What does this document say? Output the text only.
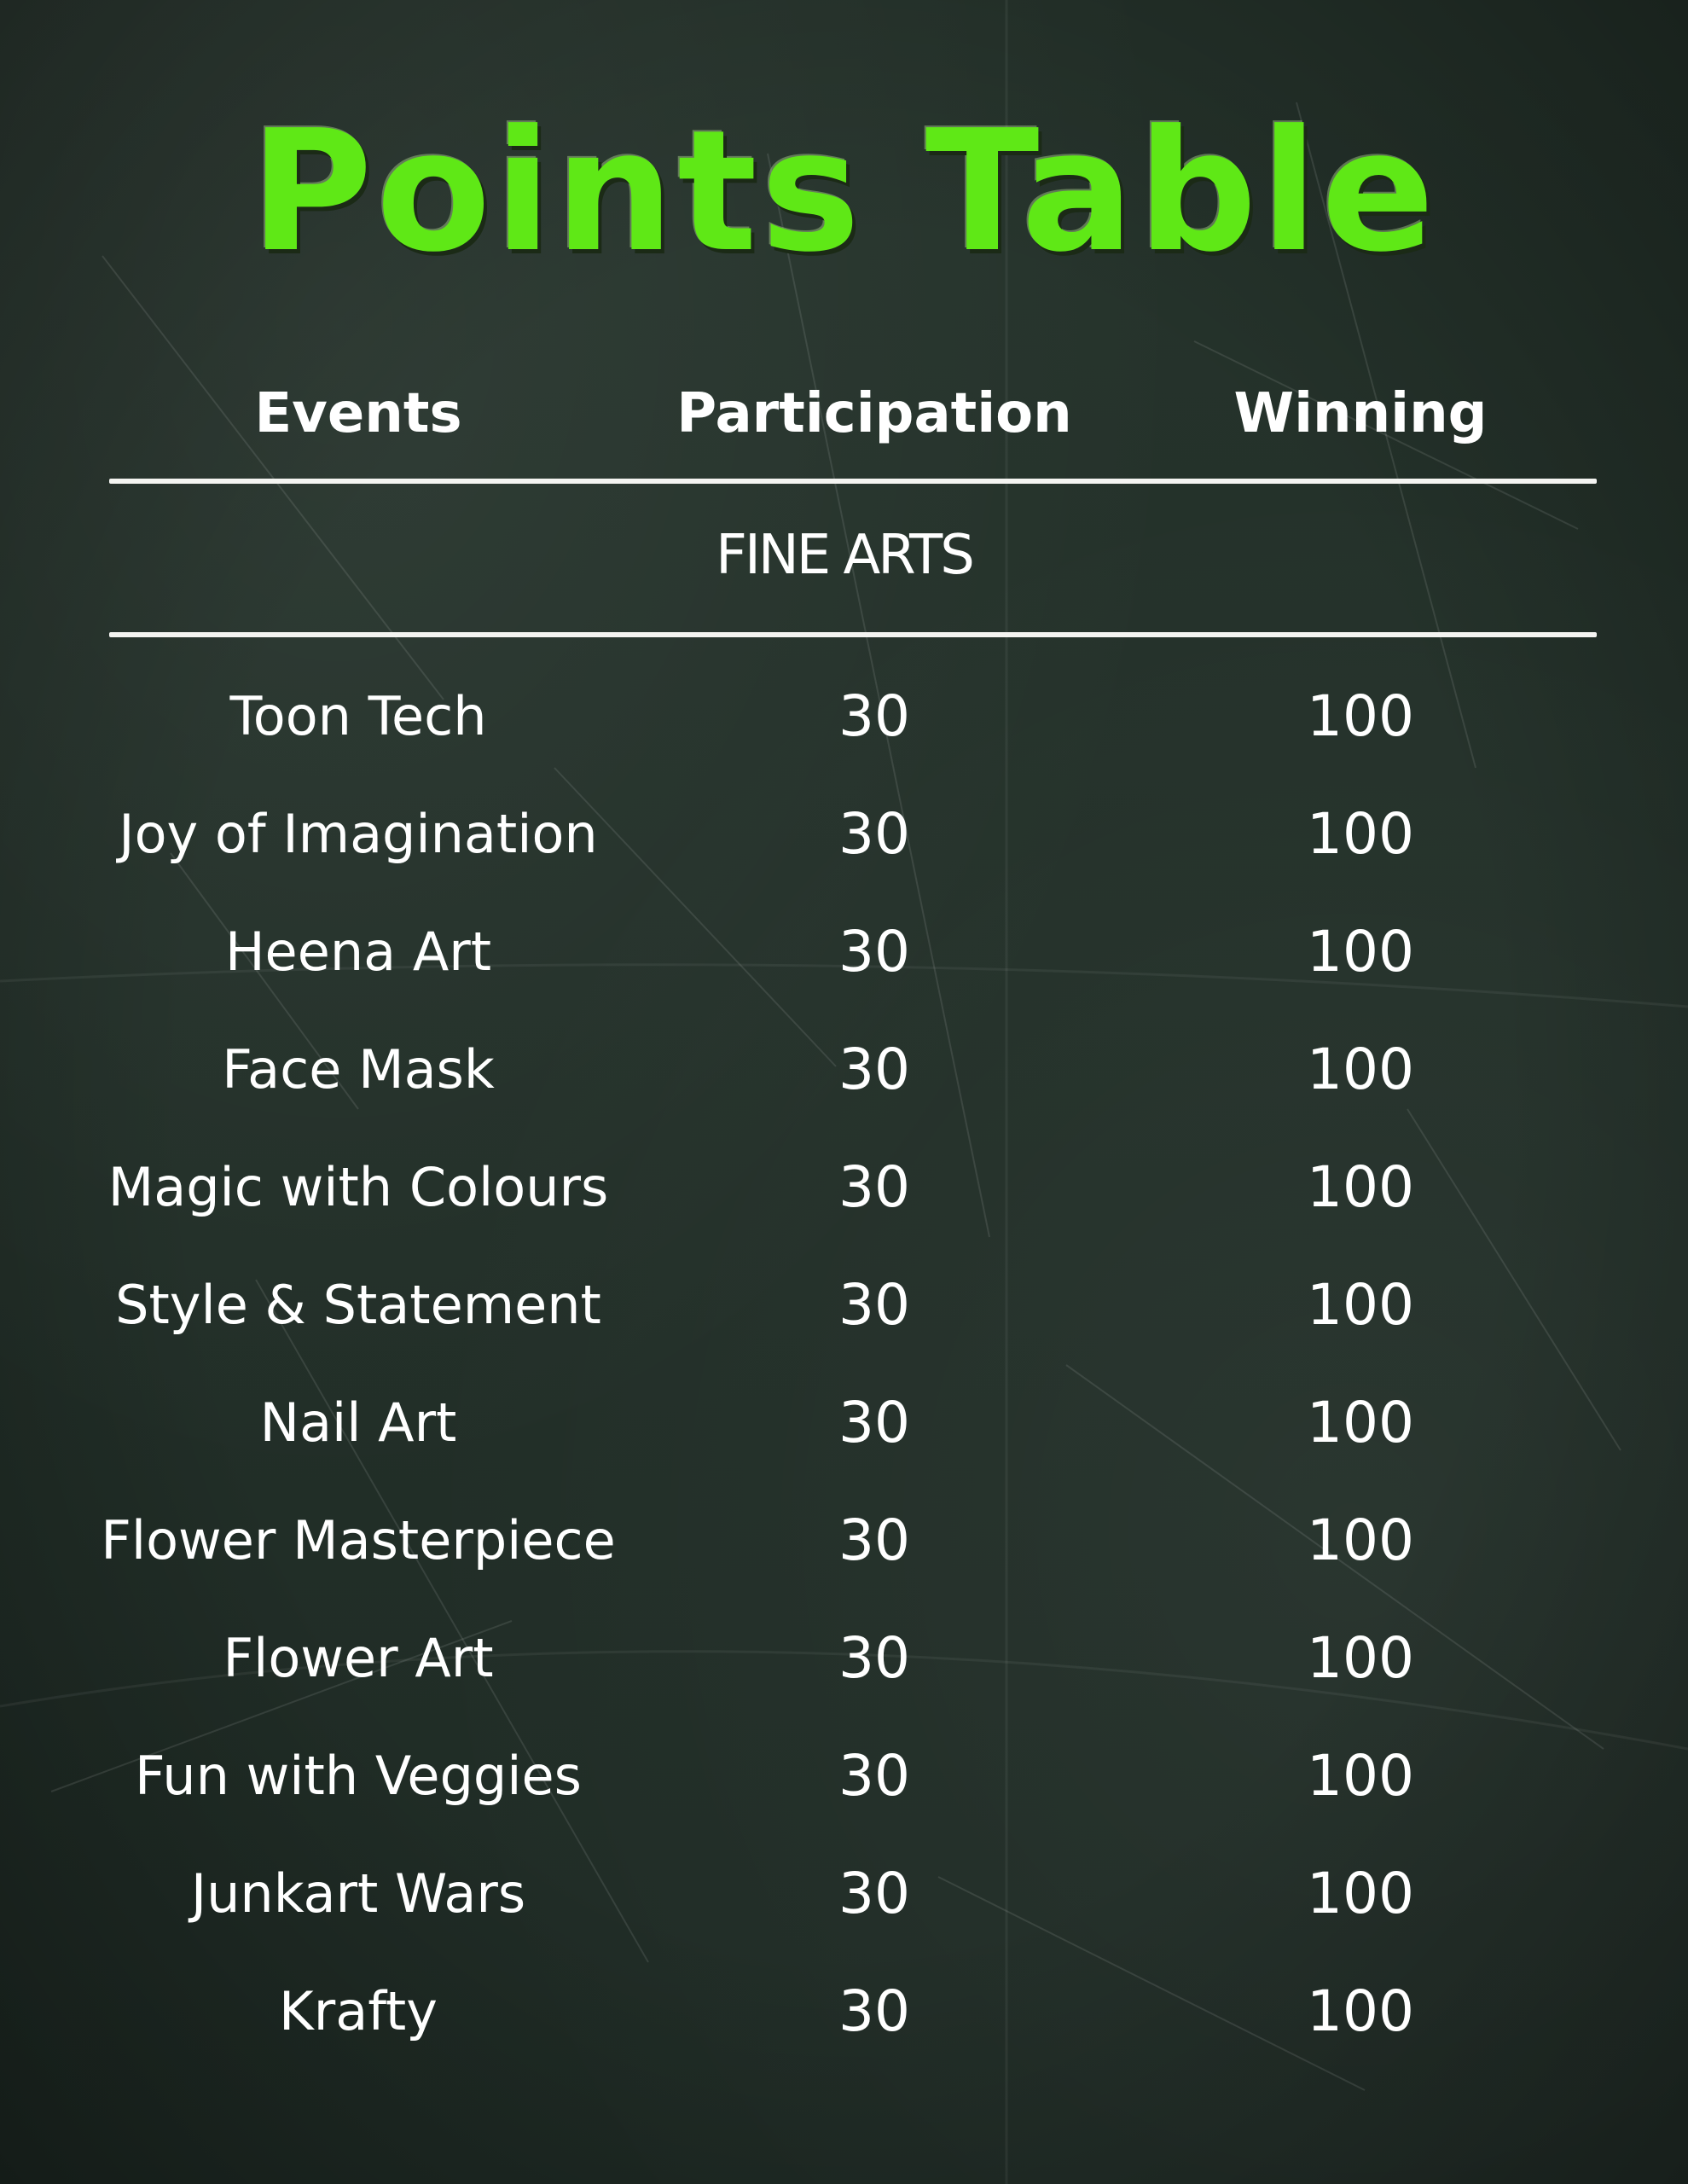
Points Table
Events	Participation	Winning
FINE ARTS
Toon Tech	30	100
Joy of Imagination	30	100
Heena Art	30	100
Face Mask	30	100
Magic with Colours	30	100
Style & Statement	30	100
Nail Art	30	100
Flower Masterpiece	30	100
Flower Art	30	100
Fun with Veggies	30	100
Junkart Wars	30	100
Krafty	30	100
